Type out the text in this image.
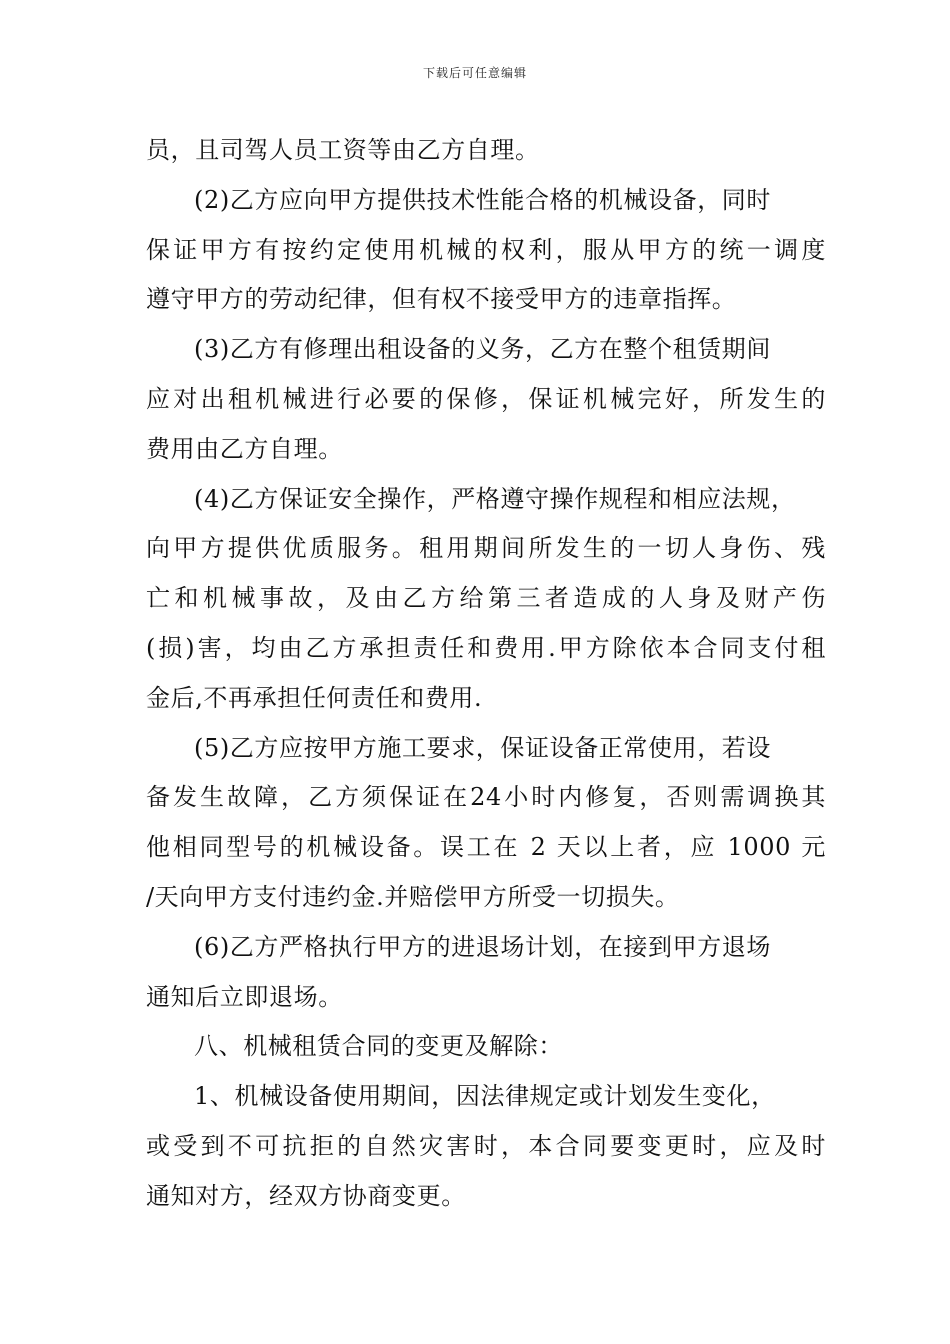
下载后可任意编辑
员，且司驾人员工资等由乙方自理。
(2)乙方应向甲方提供技术性能合格的机械设备，同时
保证甲方有按约定使用机械的权利，服从甲方的统一调度
遵守甲方的劳动纪律，但有权不接受甲方的违章指挥。
(3)乙方有修理出租设备的义务，乙方在整个租赁期间
应对出租机械进行必要的保修，保证机械完好，所发生的
费用由乙方自理。
(4)乙方保证安全操作，严格遵守操作规程和相应法规，
向甲方提供优质服务。租用期间所发生的一切人身伤、残
亡和机械事故，及由乙方给第三者造成的人身及财产伤
(损)害，均由乙方承担责任和费用.甲方除依本合同支付租
金后,不再承担任何责任和费用.
(5)乙方应按甲方施工要求，保证设备正常使用，若设
备发生故障，乙方须保证在24小时内修复，否则需调换其
他相同型号的机械设备。误工在 2 天以上者，应 1000 元
/天向甲方支付违约金.并赔偿甲方所受一切损失。
(6)乙方严格执行甲方的进退场计划，在接到甲方退场
通知后立即退场。
八、机械租赁合同的变更及解除：
1、机械设备使用期间，因法律规定或计划发生变化，
或受到不可抗拒的自然灾害时，本合同要变更时，应及时
通知对方，经双方协商变更。
